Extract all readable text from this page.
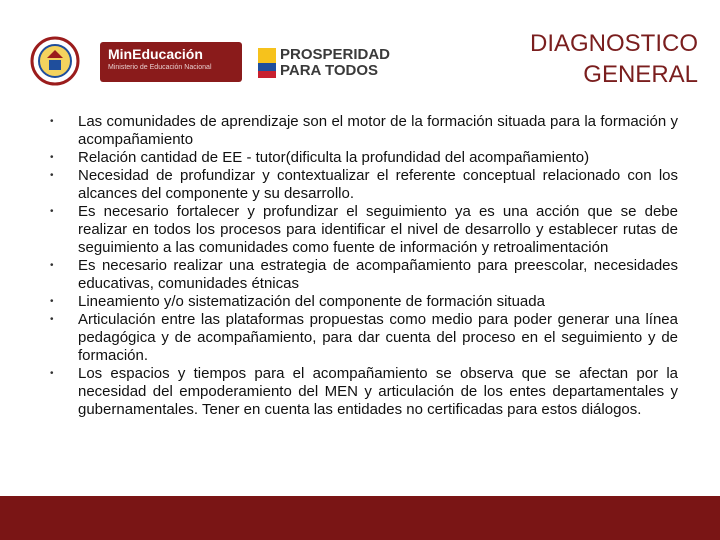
MinEducación
Ministerio de Educación Nacional
PROSPERIDAD
PARA TODOS
DIAGNOSTICO
GENERAL
• Las comunidades de aprendizaje son el motor de la formación situada para la formación y acompañamiento
• Relación cantidad de EE - tutor(dificulta la profundidad del acompañamiento)
• Necesidad de profundizar y contextualizar el referente conceptual relacionado con los alcances del componente y su desarrollo.
• Es necesario fortalecer y profundizar el seguimiento ya es una acción que se debe realizar en todos los procesos para identificar el nivel de desarrollo y establecer rutas de seguimiento a las comunidades como fuente de información y retroalimentación
• Es necesario realizar una estrategia de acompañamiento para preescolar, necesidades educativas, comunidades étnicas
• Lineamiento y/o sistematización del componente de formación situada
• Articulación entre las plataformas propuestas como medio para poder generar una línea pedagógica y de acompañamiento, para dar cuenta del proceso en el seguimiento y de formación.
• Los espacios y tiempos para el acompañamiento se observa que se afectan por la necesidad del empoderamiento del MEN y articulación de los entes departamentales y gubernamentales. Tener en cuenta las entidades no certificadas para estos diálogos.
